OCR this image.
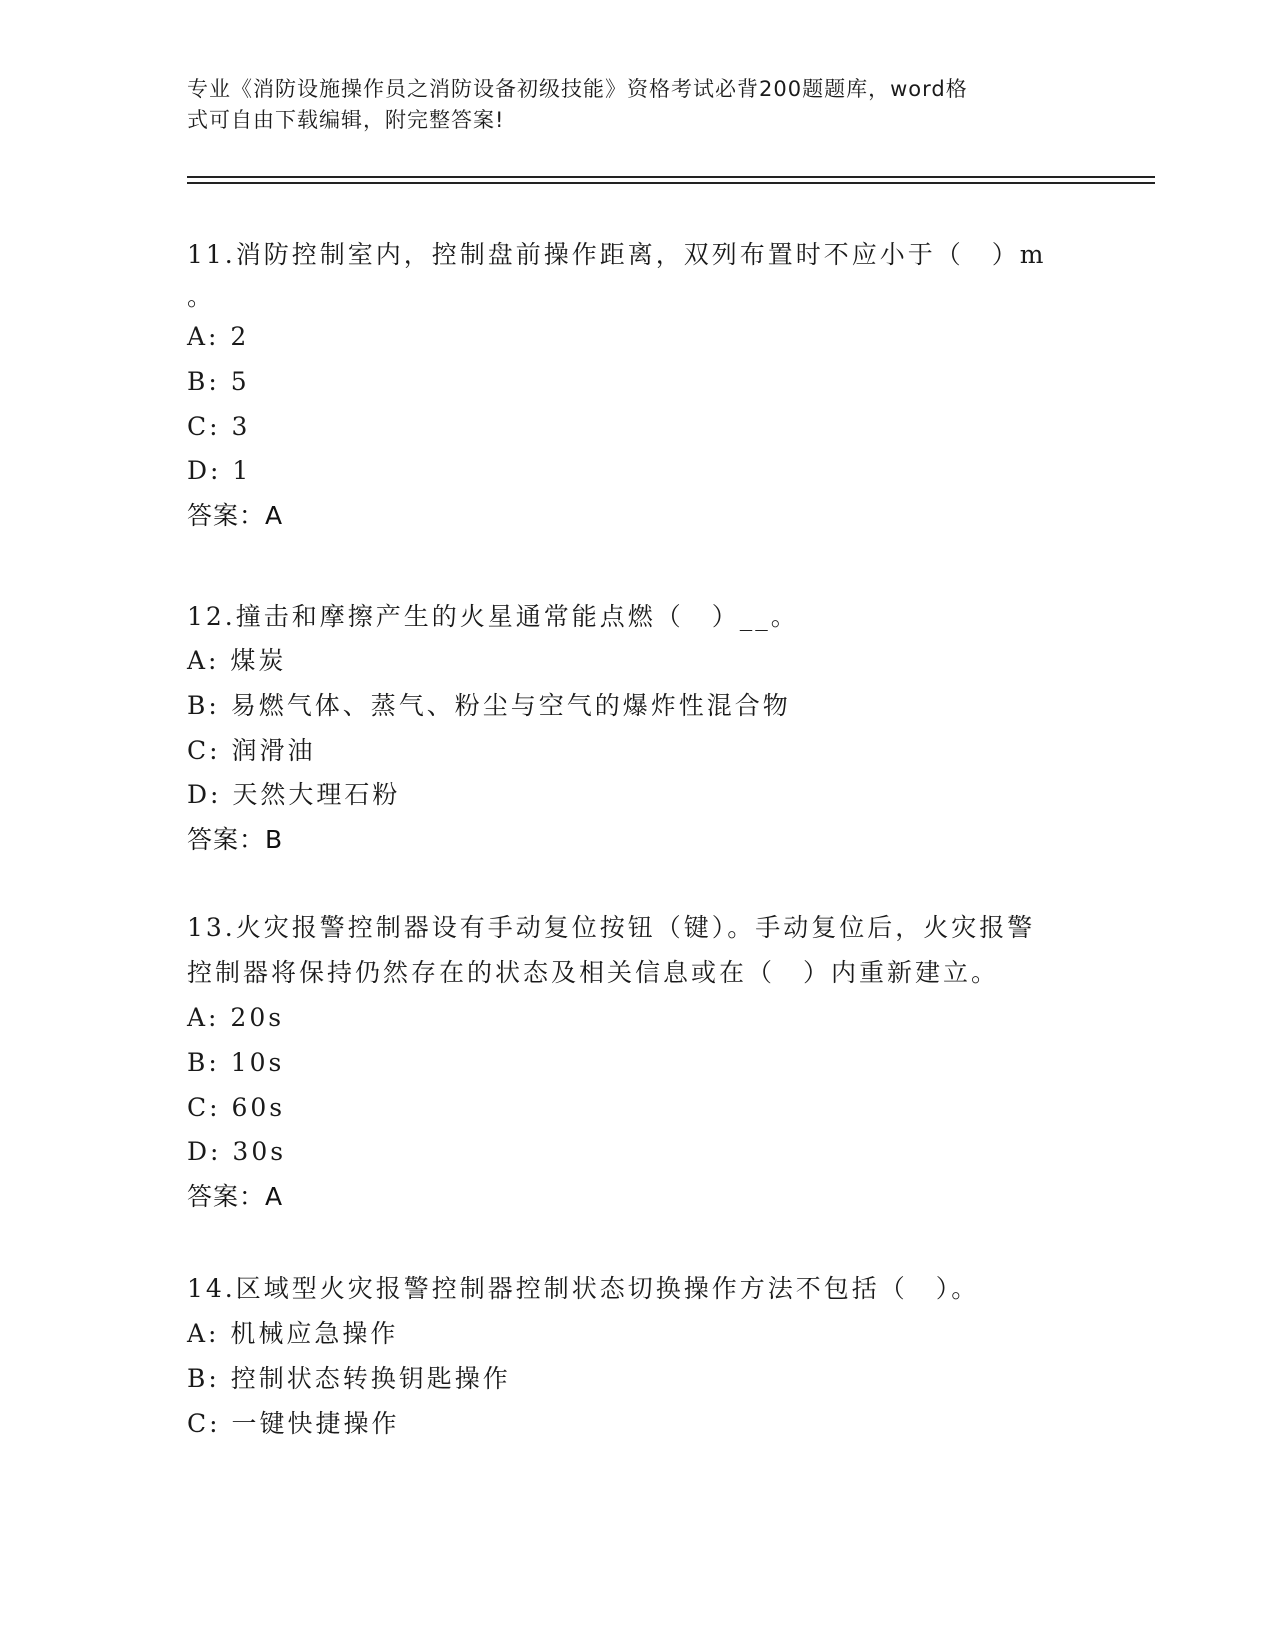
专业《消防设施操作员之消防设备初级技能》资格考试必背200题题库，word格
式可自由下载编辑，附完整答案!
11.消防控制室内，控制盘前操作距离，双列布置时不应小于（　）m
。
A: 2
B: 5
C: 3
D: 1
答案：A
12.撞击和摩擦产生的火星通常能点燃（　）__。
A: 煤炭
B: 易燃气体、蒸气、粉尘与空气的爆炸性混合物
C: 润滑油
D: 天然大理石粉
答案：B
13.火灾报警控制器设有手动复位按钮（键）。手动复位后，火灾报警
控制器将保持仍然存在的状态及相关信息或在（　）内重新建立。
A: 20s
B: 10s
C: 60s
D: 30s
答案：A
14.区域型火灾报警控制器控制状态切换操作方法不包括（　）。
A: 机械应急操作
B: 控制状态转换钥匙操作
C: 一键快捷操作
